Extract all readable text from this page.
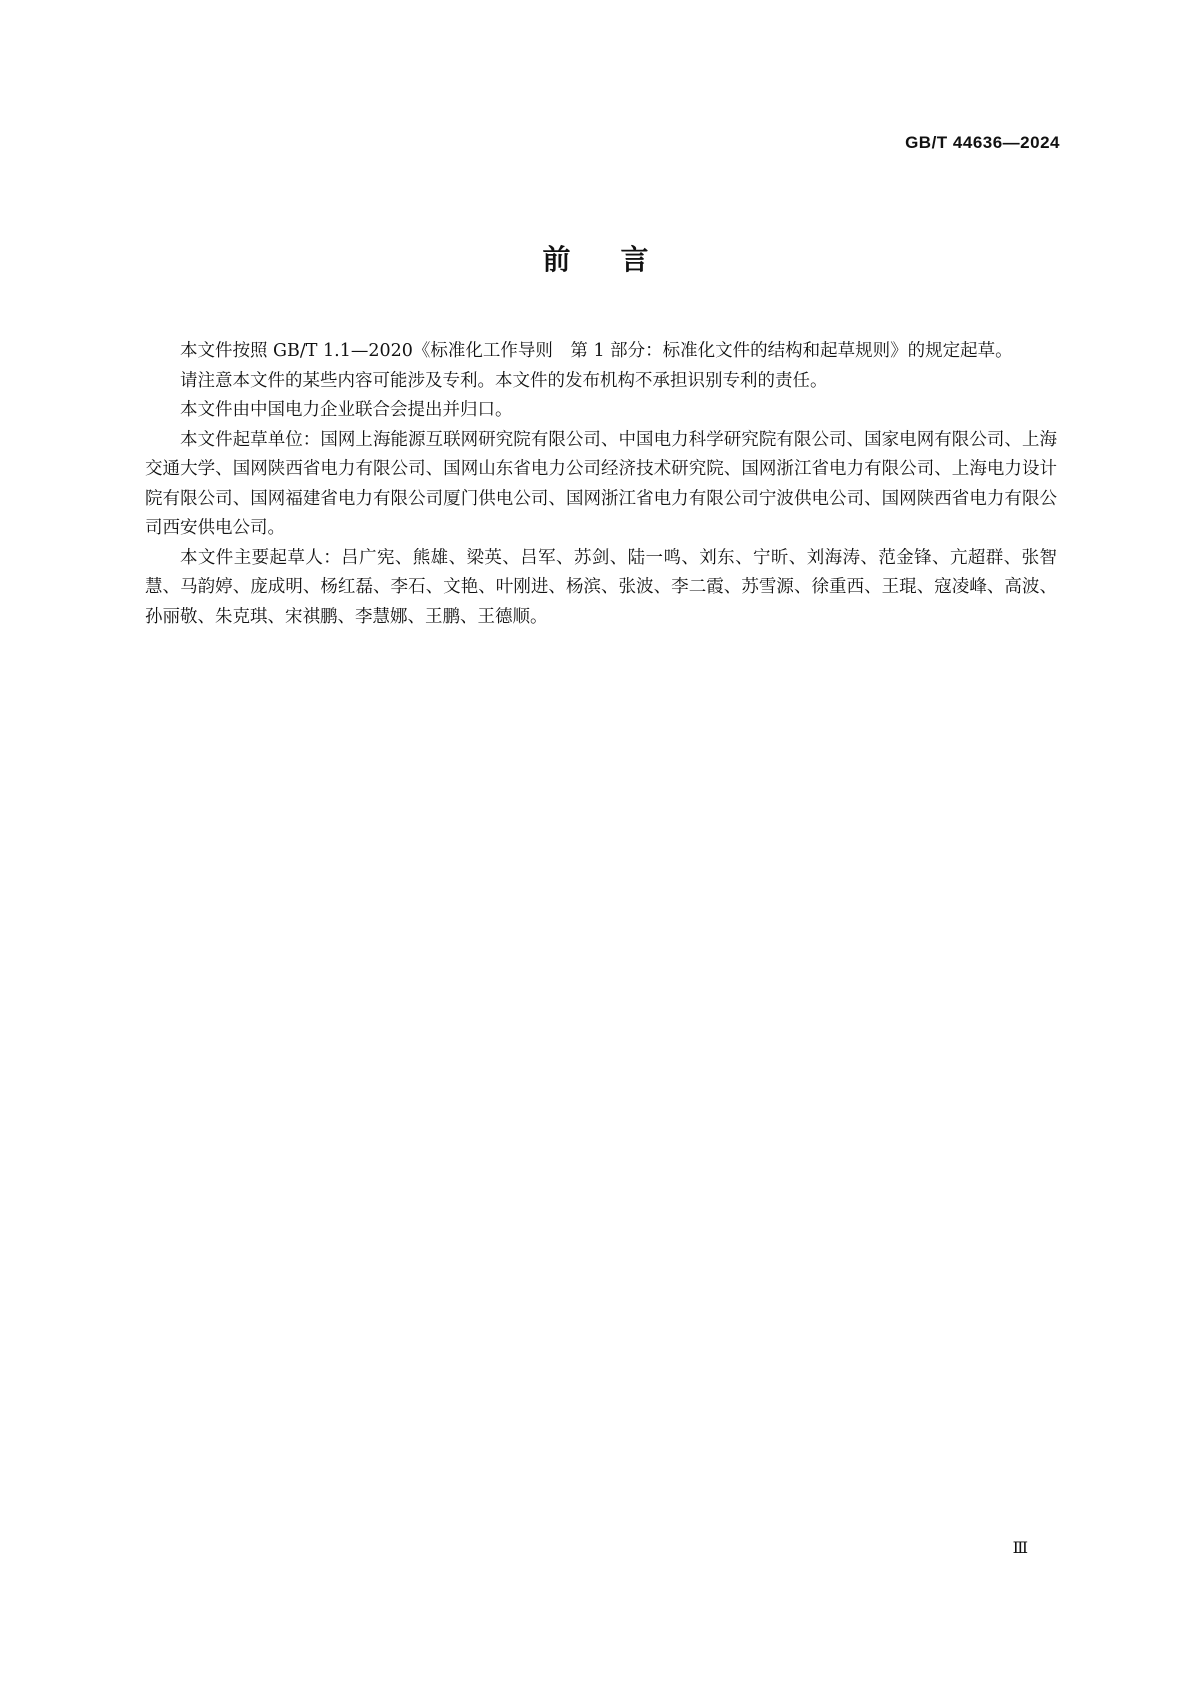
GB/T 44636—2024
前言

本文件按照 GB/T 1.1—2020《标准化工作导则　第 1 部分：标准化文件的结构和起草规则》的规定起草。

请注意本文件的某些内容可能涉及专利。本文件的发布机构不承担识别专利的责任。

本文件由中国电力企业联合会提出并归口。

本文件起草单位：国网上海能源互联网研究院有限公司、中国电力科学研究院有限公司、国家电网有限公司、上海交通大学、国网陕西省电力有限公司、国网山东省电力公司经济技术研究院、国网浙江省电力有限公司、上海电力设计院有限公司、国网福建省电力有限公司厦门供电公司、国网浙江省电力有限公司宁波供电公司、国网陕西省电力有限公司西安供电公司。

本文件主要起草人：吕广宪、熊雄、梁英、吕军、苏剑、陆一鸣、刘东、宁昕、刘海涛、范金锋、亢超群、张智慧、马韵婷、庞成明、杨红磊、李石、文艳、叶刚进、杨滨、张波、李二霞、苏雪源、徐重西、王琨、寇凌峰、高波、孙丽敬、朱克琪、宋祺鹏、李慧娜、王鹏、王德顺。

Ⅲ
